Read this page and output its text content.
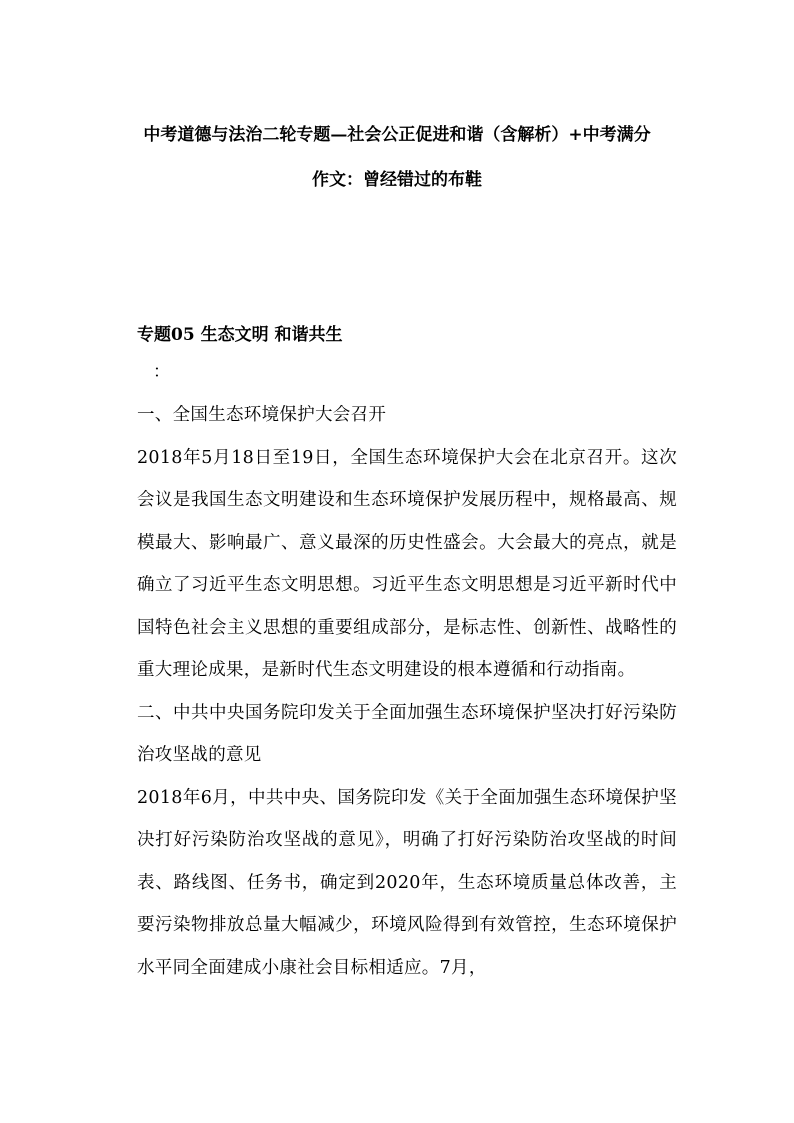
中考道德与法治二轮专题—社会公正促进和谐（含解析）+中考满分
作文：曾经错过的布鞋
专题05 生态文明 和谐共生
：

一、全国生态环境保护大会召开

2018年5月18日至19日，全国生态环境保护大会在北京召开。这次会议是我国生态文明建设和生态环境保护发展历程中，规格最高、规模最大、影响最广、意义最深的历史性盛会。大会最大的亮点，就是确立了习近平生态文明思想。习近平生态文明思想是习近平新时代中国特色社会主义思想的重要组成部分，是标志性、创新性、战略性的重大理论成果，是新时代生态文明建设的根本遵循和行动指南。

二、中共中央国务院印发关于全面加强生态环境保护坚决打好污染防治攻坚战的意见

2018年6月，中共中央、国务院印发《关于全面加强生态环境保护坚决打好污染防治攻坚战的意见》，明确了打好污染防治攻坚战的时间表、路线图、任务书，确定到2020年，生态环境质量总体改善，主要污染物排放总量大幅减少，环境风险得到有效管控，生态环境保护水平同全面建成小康社会目标相适应。7月，
